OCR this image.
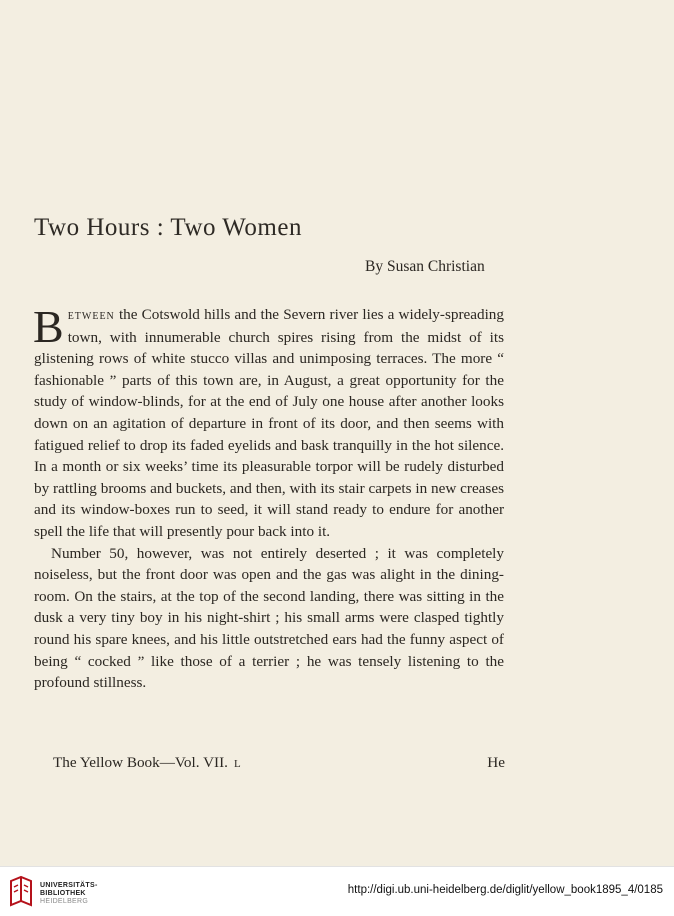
Two Hours : Two Women
By Susan Christian

Between the Cotswold hills and the Severn river lies a widely-spreading town, with innumerable church spires rising from the midst of its glistening rows of white stucco villas and unimposing terraces. The more “ fashionable ” parts of this town are, in August, a great opportunity for the study of window-blinds, for at the end of July one house after another looks down on an agitation of departure in front of its door, and then seems with fatigued relief to drop its faded eyelids and bask tranquilly in the hot silence. In a month or six weeks’ time its pleasurable torpor will be rudely disturbed by rattling brooms and buckets, and then, with its stair carpets in new creases and its window-boxes run to seed, it will stand ready to endure for another spell the life that will presently pour back into it.

Number 50, however, was not entirely deserted ; it was completely noiseless, but the front door was open and the gas was alight in the dining-room. On the stairs, at the top of the second landing, there was sitting in the dusk a very tiny boy in his night-shirt ; his small arms were clasped tightly round his spare knees, and his little outstretched ears had the funny aspect of being “ cocked ” like those of a terrier ; he was tensely listening to the profound stillness.

The Yellow Book—Vol. VII. L	He
UNIVERSITÄTS-
BIBLIOTHEK
HEIDELBERG
http://digi.ub.uni-heidelberg.de/diglit/yellow_book1895_4/0185
